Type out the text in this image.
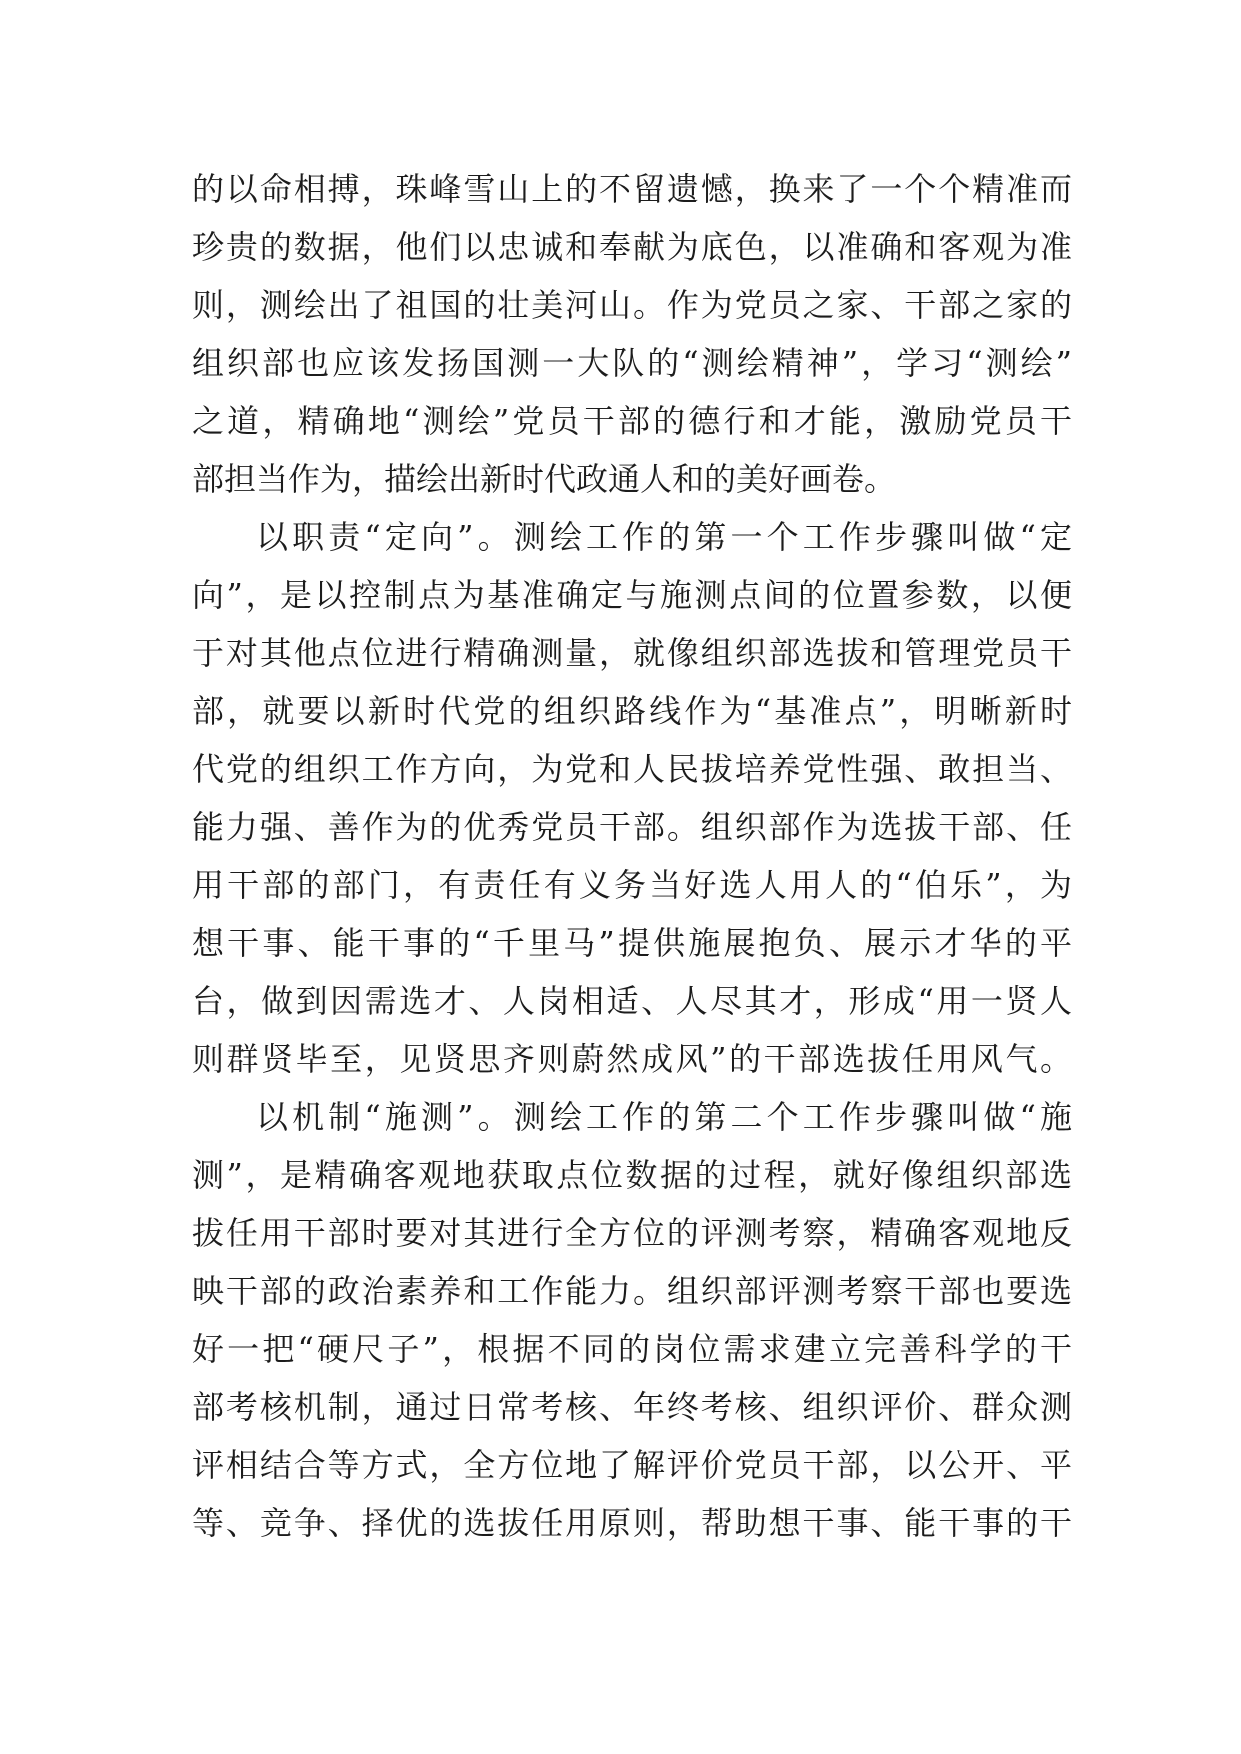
的以命相搏，珠峰雪山上的不留遗憾，换来了一个个精准而
珍贵的数据，他们以忠诚和奉献为底色，以准确和客观为准
则，测绘出了祖国的壮美河山。作为党员之家、干部之家的
组织部也应该发扬国测一大队的“测绘精神”，学习“测绘”
之道，精确地“测绘”党员干部的德行和才能，激励党员干
部担当作为，描绘出新时代政通人和的美好画卷。
以职责“定向”。测绘工作的第一个工作步骤叫做“定
向”，是以控制点为基准确定与施测点间的位置参数，以便
于对其他点位进行精确测量，就像组织部选拔和管理党员干
部，就要以新时代党的组织路线作为“基准点”，明晰新时
代党的组织工作方向，为党和人民拔培养党性强、敢担当、
能力强、善作为的优秀党员干部。组织部作为选拔干部、任
用干部的部门，有责任有义务当好选人用人的“伯乐”，为
想干事、能干事的“千里马”提供施展抱负、展示才华的平
台，做到因需选才、人岗相适、人尽其才，形成“用一贤人
则群贤毕至，见贤思齐则蔚然成风”的干部选拔任用风气。
以机制“施测”。测绘工作的第二个工作步骤叫做“施
测”，是精确客观地获取点位数据的过程，就好像组织部选
拔任用干部时要对其进行全方位的评测考察，精确客观地反
映干部的政治素养和工作能力。组织部评测考察干部也要选
好一把“硬尺子”，根据不同的岗位需求建立完善科学的干
部考核机制，通过日常考核、年终考核、组织评价、群众测
评相结合等方式，全方位地了解评价党员干部，以公开、平
等、竞争、择优的选拔任用原则，帮助想干事、能干事的干
